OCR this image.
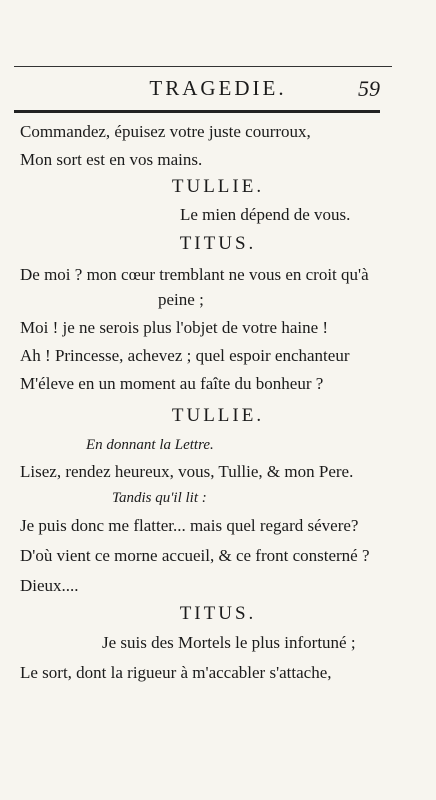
TRAGEDIE.	59
Commandez, épuisez votre juste courroux,
Mon sort est en vos mains.
TULLIE.
Le mien dépend de vous.
TITUS.
De moi ? mon cœur tremblant ne vous en croit qu'à
peine ;
Moi ! je ne serois plus l'objet de votre haine !
Ah ! Princesse, achevez ; quel espoir enchanteur
M'éleve en un moment au faîte du bonheur ?
TULLIE.
En donnant la Lettre.
Lisez, rendez heureux, vous, Tullie, & mon Pere.
Tandis qu'il lit :
Je puis donc me flatter... mais quel regard sévere?
D'où vient ce morne accueil, & ce front consterné ?
Dieux....
TITUS.
Je suis des Mortels le plus infortuné ;
Le sort, dont la rigueur à m'accabler s'attache,
